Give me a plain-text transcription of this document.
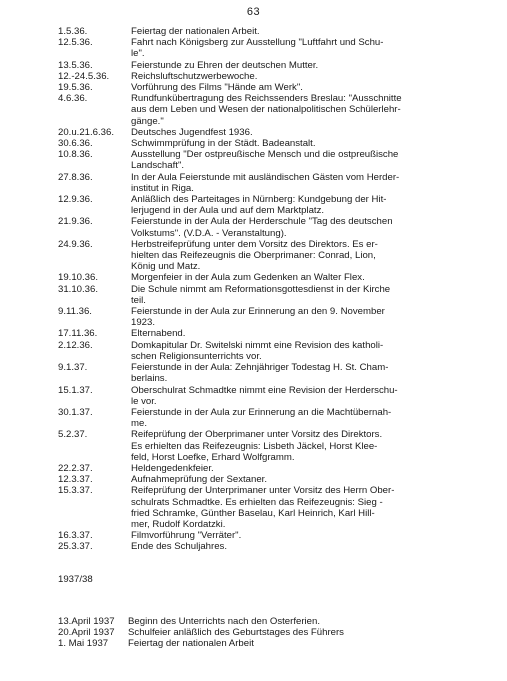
63
1.5.36.	Feiertag der nationalen Arbeit.
12.5.36.	Fahrt nach Königsberg zur Ausstellung "Luftfahrt und Schu-
le".
13.5.36.	Feierstunde zu Ehren der deutschen Mutter.
12.-24.5.36.	Reichsluftschutzwerbewoche.
19.5.36.	Vorführung des Films "Hände am Werk".
4.6.36.	Rundfunkübertragung des Reichssenders Breslau: "Ausschnitte
aus dem Leben und Wesen der nationalpolitischen Schülerlehr-
gänge."
20.u.21.6.36.	Deutsches Jugendfest 1936.
30.6.36.	Schwimmprüfung in der Städt. Badeanstalt.
10.8.36.	Ausstellung "Der ostpreußische Mensch und die ostpreußische
Landschaft".
27.8.36.	In der Aula Feierstunde mit ausländischen Gästen vom Herder-
institut in Riga.
12.9.36.	Anläßlich des Parteitages in Nürnberg: Kundgebung der Hit-
lerjugend in der Aula und auf dem Marktplatz.
21.9.36.	Feierstunde in der Aula der Herderschule "Tag des deutschen
Volkstums". (V.D.A. - Veranstaltung).
24.9.36.	Herbstreifeprüfung unter dem Vorsitz des Direktors. Es er-
hielten das Reifezeugnis die Oberprimaner: Conrad, Lion,
König und Matz.
19.10.36.	Morgenfeier in der Aula zum Gedenken an Walter Flex.
31.10.36.	Die Schule nimmt am Reformationsgottesdienst in der Kirche
teil.
9.11.36.	Feierstunde in der Aula zur Erinnerung an den 9. November
1923.
17.11.36.	Elternabend.
2.12.36.	Domkapitular Dr. Switelski nimmt eine Revision des katholi-
schen Religionsunterrichts vor.
9.1.37.	Feierstunde in der Aula: Zehnjähriger Todestag H. St. Cham-
berlains.
15.1.37.	Oberschulrat Schmadtke nimmt eine Revision der Herderschu-
le vor.
30.1.37.	Feierstunde in der Aula zur Erinnerung an die Machtübernah-
me.
5.2.37.	Reifeprüfung der Oberprimaner unter Vorsitz des Direktors.
Es erhielten das Reifezeugnis: Lisbeth Jäckel, Horst Klee-
feld, Horst Loefke, Erhard Wolfgramm.
22.2.37.	Heldengedenkfeier.
12.3.37.	Aufnahmeprüfung der Sextaner.
15.3.37.	Reifeprüfung der Unterprimaner unter Vorsitz des Herrn Ober-
schulrats Schmadtke. Es erhielten das Reifezeugnis: Sieg -
fried Schramke, Günther Baselau, Karl Heinrich, Karl Hill-
mer, Rudolf Kordatzki.
16.3.37.	Filmvorführung "Verräter".
25.3.37.	Ende des Schuljahres.
1937/38
13.April 1937	Beginn des Unterrichts nach den Osterferien.
20.April 1937	Schulfeier anläßlich des Geburtstages des Führers
1. Mai 1937	Feiertag der nationalen Arbeit
